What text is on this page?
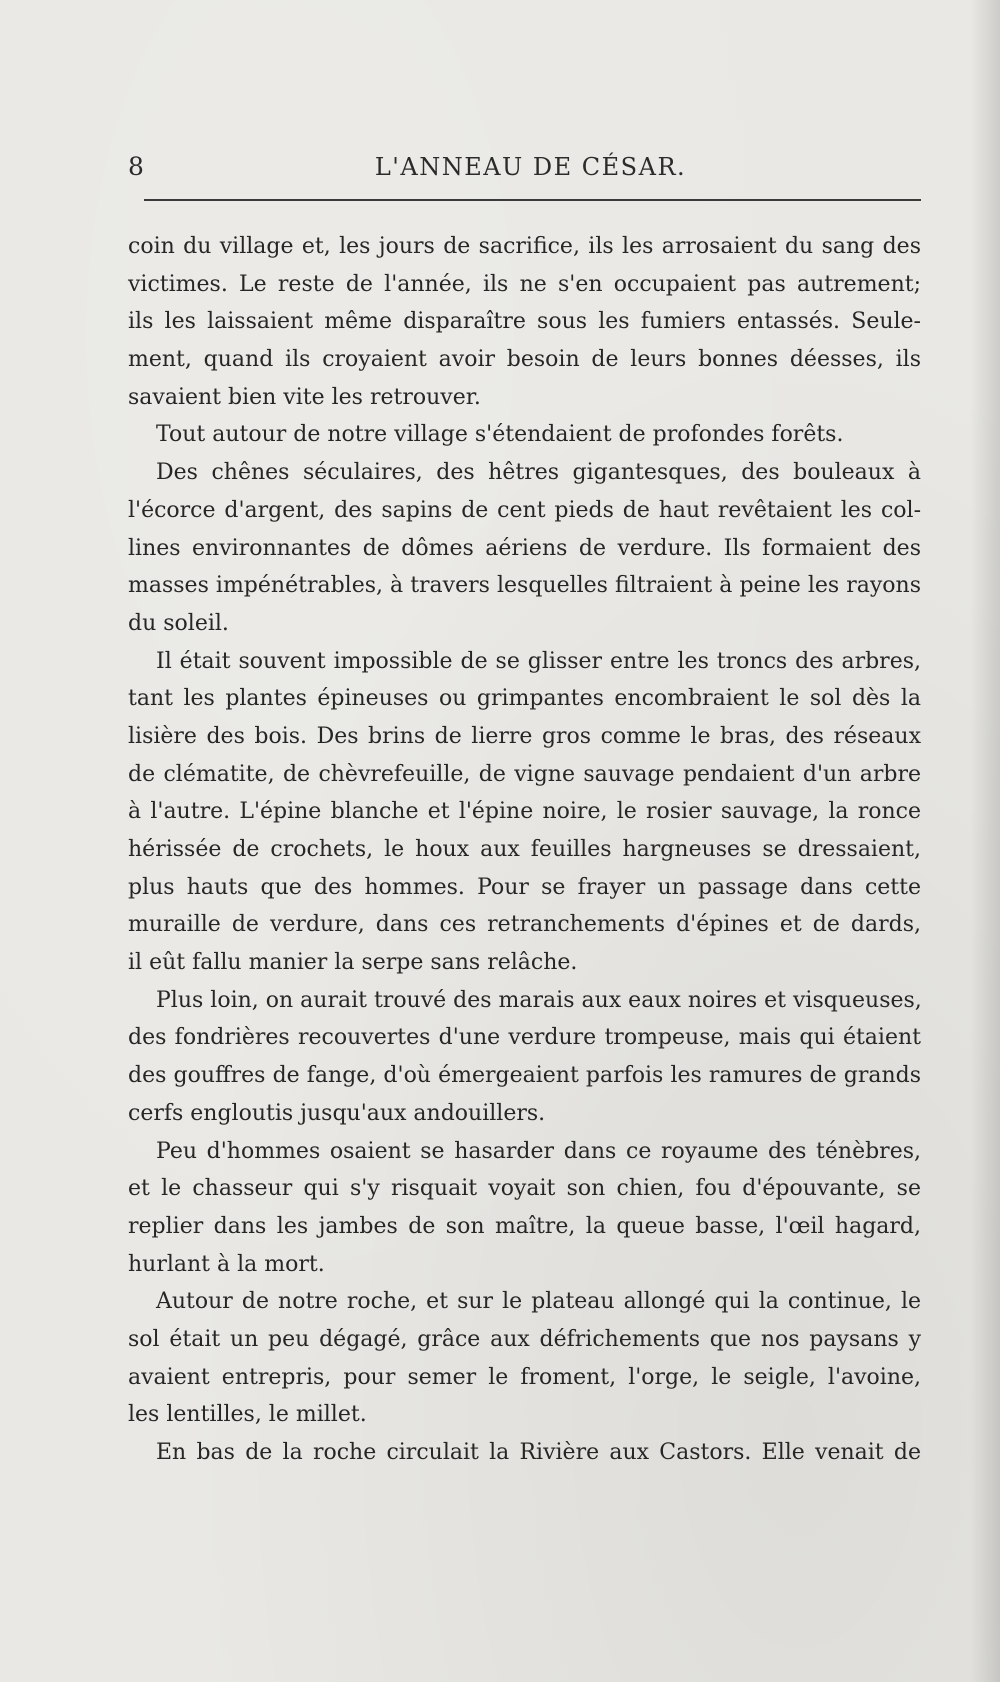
8	L'ANNEAU DE CÉSAR.
coin du village et, les jours de sacrifice, ils les arrosaient du sang des
victimes. Le reste de l'année, ils ne s'en occupaient pas autrement;
ils les laissaient même disparaître sous les fumiers entassés. Seule-
ment, quand ils croyaient avoir besoin de leurs bonnes déesses, ils
savaient bien vite les retrouver.
Tout autour de notre village s'étendaient de profondes forêts.
Des chênes séculaires, des hêtres gigantesques, des bouleaux à
l'écorce d'argent, des sapins de cent pieds de haut revêtaient les col-
lines environnantes de dômes aériens de verdure. Ils formaient des
masses impénétrables, à travers lesquelles filtraient à peine les rayons
du soleil.
Il était souvent impossible de se glisser entre les troncs des arbres,
tant les plantes épineuses ou grimpantes encombraient le sol dès la
lisière des bois. Des brins de lierre gros comme le bras, des réseaux
de clématite, de chèvrefeuille, de vigne sauvage pendaient d'un arbre
à l'autre. L'épine blanche et l'épine noire, le rosier sauvage, la ronce
hérissée de crochets, le houx aux feuilles hargneuses se dressaient,
plus hauts que des hommes. Pour se frayer un passage dans cette
muraille de verdure, dans ces retranchements d'épines et de dards,
il eût fallu manier la serpe sans relâche.
Plus loin, on aurait trouvé des marais aux eaux noires et visqueuses,
des fondrières recouvertes d'une verdure trompeuse, mais qui étaient
des gouffres de fange, d'où émergeaient parfois les ramures de grands
cerfs engloutis jusqu'aux andouillers.
Peu d'hommes osaient se hasarder dans ce royaume des ténèbres,
et le chasseur qui s'y risquait voyait son chien, fou d'épouvante, se
replier dans les jambes de son maître, la queue basse, l'œil hagard,
hurlant à la mort.
Autour de notre roche, et sur le plateau allongé qui la continue, le
sol était un peu dégagé, grâce aux défrichements que nos paysans y
avaient entrepris, pour semer le froment, l'orge, le seigle, l'avoine,
les lentilles, le millet.
En bas de la roche circulait la Rivière aux Castors. Elle venait de
